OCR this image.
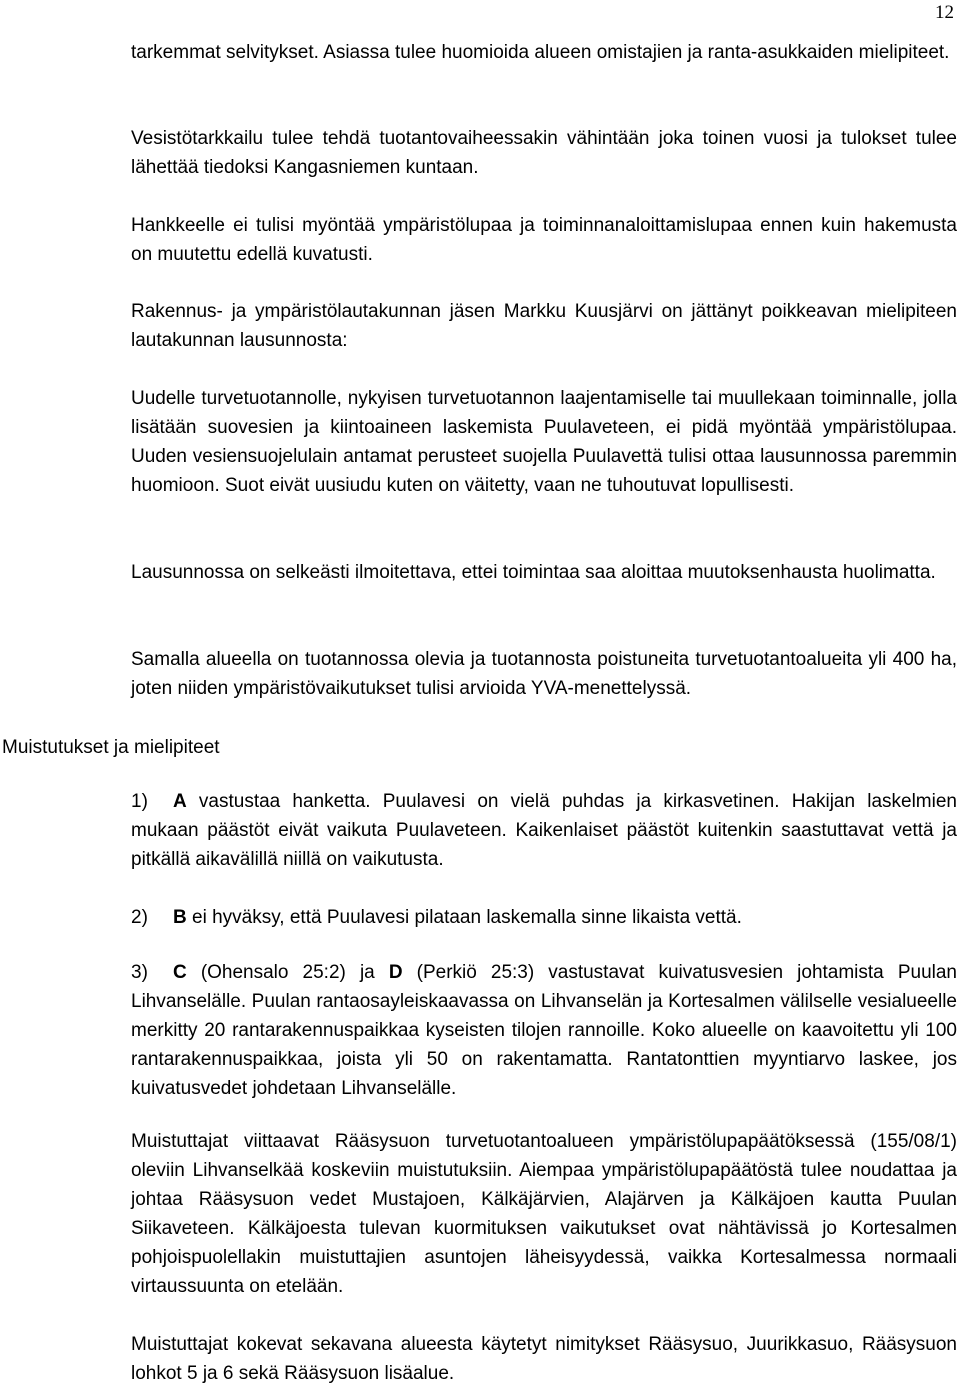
12

tarkemmat selvitykset. Asiassa tulee huomioida alueen omistajien ja ranta-asukkaiden mielipiteet.

Vesistötarkkailu tulee tehdä tuotantovaiheessakin vähintään joka toinen vuosi ja tulokset tulee lähettää tiedoksi Kangasniemen kuntaan.

Hankkeelle ei tulisi myöntää ympäristölupaa ja toiminnanaloittamislupaa ennen kuin hakemusta on muutettu edellä kuvatusti.

Rakennus- ja ympäristölautakunnan jäsen Markku Kuusjärvi on jättänyt poikkeavan mielipiteen lautakunnan lausunnosta:

Uudelle turvetuotannolle, nykyisen turvetuotannon laajentamiselle tai muullekaan toiminnalle, jolla lisätään suovesien ja kiintoaineen laskemista Puulaveteen, ei pidä myöntää ympäristölupaa. Uuden vesiensuojelulain antamat perusteet suojella Puulavettä tulisi ottaa lausunnossa paremmin huomioon. Suot eivät uusiudu kuten on väitetty, vaan ne tuhoutuvat lopullisesti.

Lausunnossa on selkeästi ilmoitettava, ettei toimintaa saa aloittaa muutoksenhausta huolimatta.

Samalla alueella on tuotannossa olevia ja tuotannosta poistuneita turvetuotantoalueita yli 400 ha, joten niiden ympäristövaikutukset tulisi arvioida YVA-menettelyssä.

Muistutukset ja mielipiteet

1) A vastustaa hanketta. Puulavesi on vielä puhdas ja kirkasvetinen. Hakijan laskelmien mukaan päästöt eivät vaikuta Puulaveteen. Kaikenlaiset päästöt kuitenkin saastuttavat vettä ja pitkällä aikavälillä niillä on vaikutusta.

2) B ei hyväksy, että Puulavesi pilataan laskemalla sinne likaista vettä.

3) C (Ohensalo 25:2) ja D (Perkiö 25:3) vastustavat kuivatusvesien johtamista Puulan Lihvanselälle. Puulan rantaosayleiskaavassa on Lihvanselän ja Kortesalmen välilselle vesialueelle merkitty 20 rantarakennuspaikkaa kyseisten tilojen rannoille. Koko alueelle on kaavoitettu yli 100 rantarakennuspaikkaa, joista yli 50 on rakentamatta. Rantatonttien myyntiarvo laskee, jos kuivatusvedet johdetaan Lihvanselälle.

Muistuttajat viittaavat Rääsysuon turvetuotantoalueen ympäristölupapäätöksessä (155/08/1) oleviin Lihvanselkää koskeviin muistutuksiin. Aiempaa ympäristölupapäätöstä tulee noudattaa ja johtaa Rääsysuon vedet Mustajoen, Kälkäjärvien, Alajärven ja Kälkäjoen kautta Puulan Siikaveteen. Kälkäjoesta tulevan kuormituksen vaikutukset ovat nähtävissä jo Kortesalmen pohjoispuolellakin muistuttajien asuntojen läheisyydessä, vaikka Kortesalmessa normaali virtaussuunta on etelään.

Muistuttajat kokevat sekavana alueesta käytetyt nimitykset Rääsysuo, Juurikkasuo, Rääsysuon lohkot 5 ja 6 sekä Rääsysuon lisäalue.
